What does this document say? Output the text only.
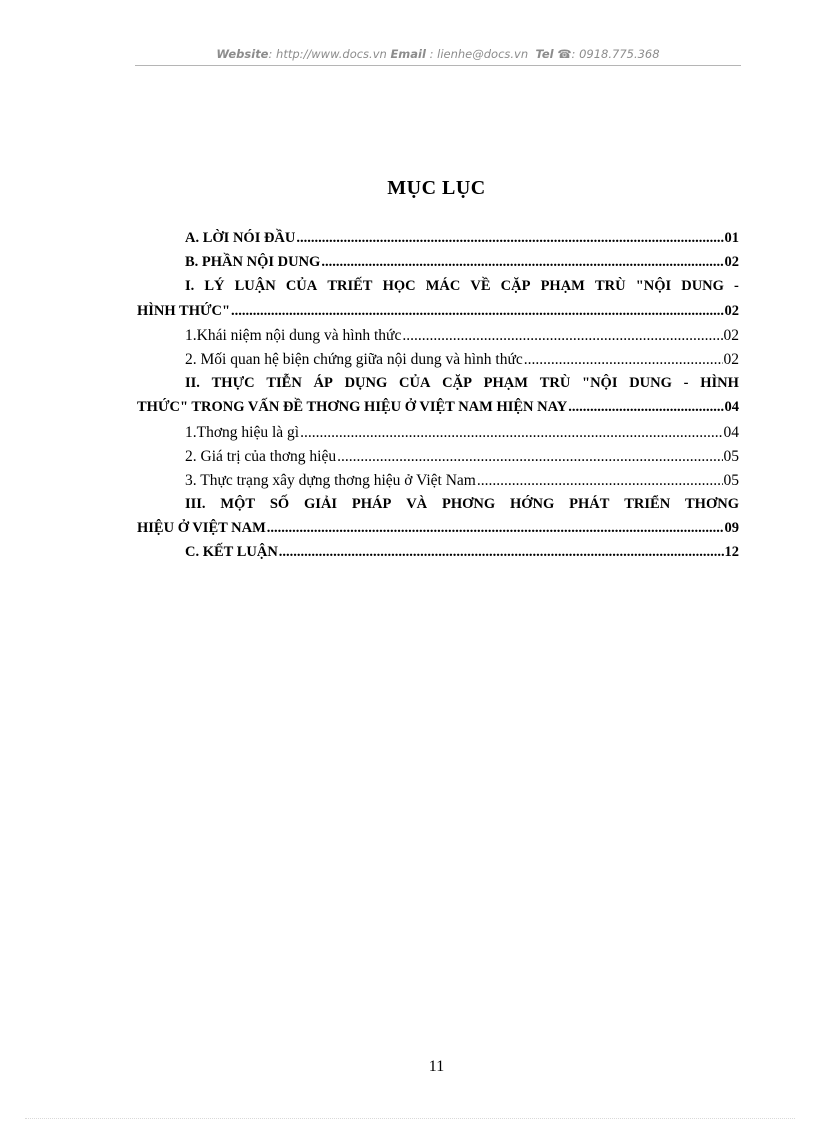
Website: http://www.docs.vn Email : lienhe@docs.vn Tel ☎: 0918.775.368
MỤC LỤC
A. LỜI NÓI ĐẦU .....	01
B. PHẦN NỘI DUNG .....	02
I. LÝ LUẬN CỦA TRIẾT HỌC MÁC VỀ CẶP PHẠM TRÙ "NỘI DUNG -
HÌNH THỨC" .....	02
1.Khái niệm nội dung và hình thức .....	02
2. Mối quan hệ biện chứng giữa nội dung và hình thức .....	02
II. THỰC TIỄN ÁP DỤNG CỦA CẶP PHẠM TRÙ "NỘI DUNG - HÌNH
THỨC" TRONG VẤN ĐỀ THƠNG HIỆU Ở VIỆT NAM HIỆN NAY .....	04
1.Thơng hiệu là gì .....	04
2. Giá trị của thơng hiệu .....	05
3. Thực trạng xây dựng thơng hiệu ở Việt Nam .....	05
III. MỘT SỐ GIẢI PHÁP VÀ PHƠNG HỚNG PHÁT TRIỂN THƠNG
HIỆU Ở VIỆT NAM .....	09
C. KẾT LUẬN .....	12
11
